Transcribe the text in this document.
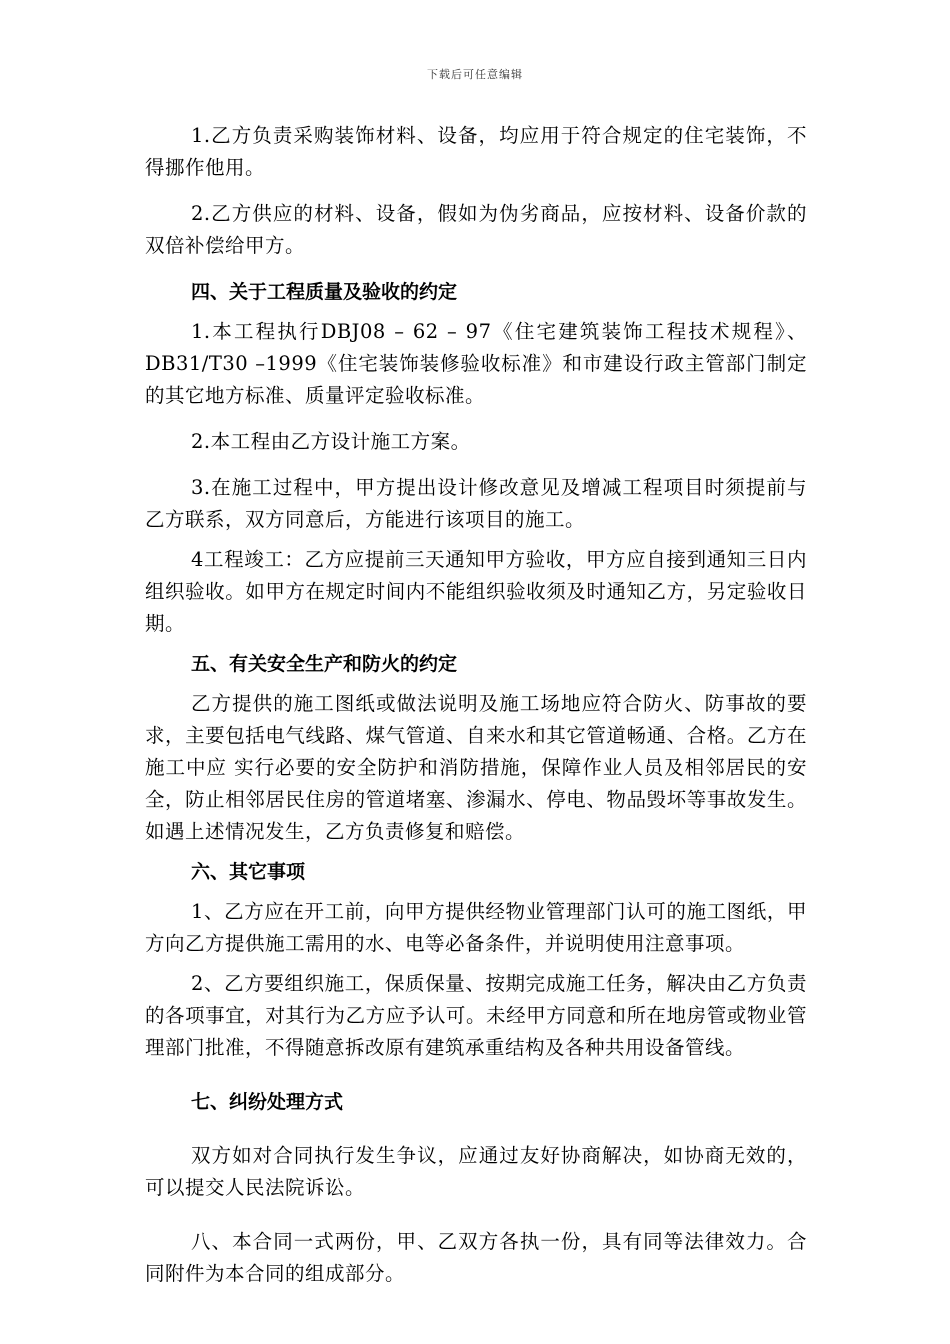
下载后可任意编辑

1.乙方负责采购装饰材料、设备，均应用于符合规定的住宅装饰，不得挪作他用。

2.乙方供应的材料、设备，假如为伪劣商品，应按材料、设备价款的双倍补偿给甲方。

四、关于工程质量及验收的约定

1.本工程执行DBJ08 – 62 – 97《住宅建筑装饰工程技术规程》、DB31/T30 –1999《住宅装饰装修验收标准》和市建设行政主管部门制定的其它地方标准、质量评定验收标准。

2.本工程由乙方设计施工方案。

3.在施工过程中，甲方提出设计修改意见及增减工程项目时须提前与乙方联系，双方同意后，方能进行该项目的施工。

4工程竣工：乙方应提前三天通知甲方验收，甲方应自接到通知三日内组织验收。如甲方在规定时间内不能组织验收须及时通知乙方，另定验收日期。

五、有关安全生产和防火的约定

乙方提供的施工图纸或做法说明及施工场地应符合防火、防事故的要求，主要包括电气线路、煤气管道、自来水和其它管道畅通、合格。乙方在施工中应 实行必要的安全防护和消防措施，保障作业人员及相邻居民的安全，防止相邻居民住房的管道堵塞、渗漏水、停电、物品毁坏等事故发生。如遇上述情况发生，乙方负责修复和赔偿。

六、其它事项

1、乙方应在开工前，向甲方提供经物业管理部门认可的施工图纸，甲方向乙方提供施工需用的水、电等必备条件，并说明使用注意事项。

2、乙方要组织施工，保质保量、按期完成施工任务，解决由乙方负责的各项事宜，对其行为乙方应予认可。未经甲方同意和所在地房管或物业管理部门批准，不得随意拆改原有建筑承重结构及各种共用设备管线。

七、纠纷处理方式

双方如对合同执行发生争议，应通过友好协商解决，如协商无效的，可以提交人民法院诉讼。

八、本合同一式两份，甲、乙双方各执一份，具有同等法律效力。合同附件为本合同的组成部分。
